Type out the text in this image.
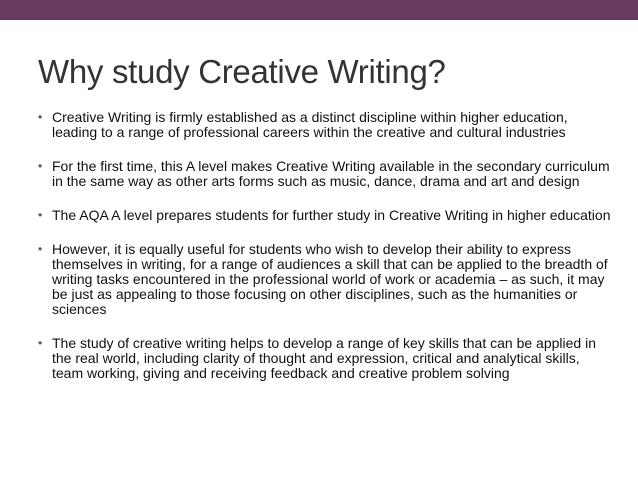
Why study Creative Writing?
• Creative Writing is firmly established as a distinct discipline within higher education, leading to a range of professional careers within the creative and cultural industries
• For the first time, this A level makes Creative Writing available in the secondary curriculum in the same way as other arts forms such as music, dance, drama and art and design
• The AQA A level prepares students for further study in Creative Writing in higher education
• However, it is equally useful for students who wish to develop their ability to express themselves in writing, for a range of audiences a skill that can be applied to the breadth of writing tasks encountered in the professional world of work or academia – as such, it may be just as appealing to those focusing on other disciplines, such as the humanities or sciences
• The study of creative writing helps to develop a range of key skills that can be applied in the real world, including clarity of thought and expression, critical and analytical skills, team working, giving and receiving feedback and creative problem solving
